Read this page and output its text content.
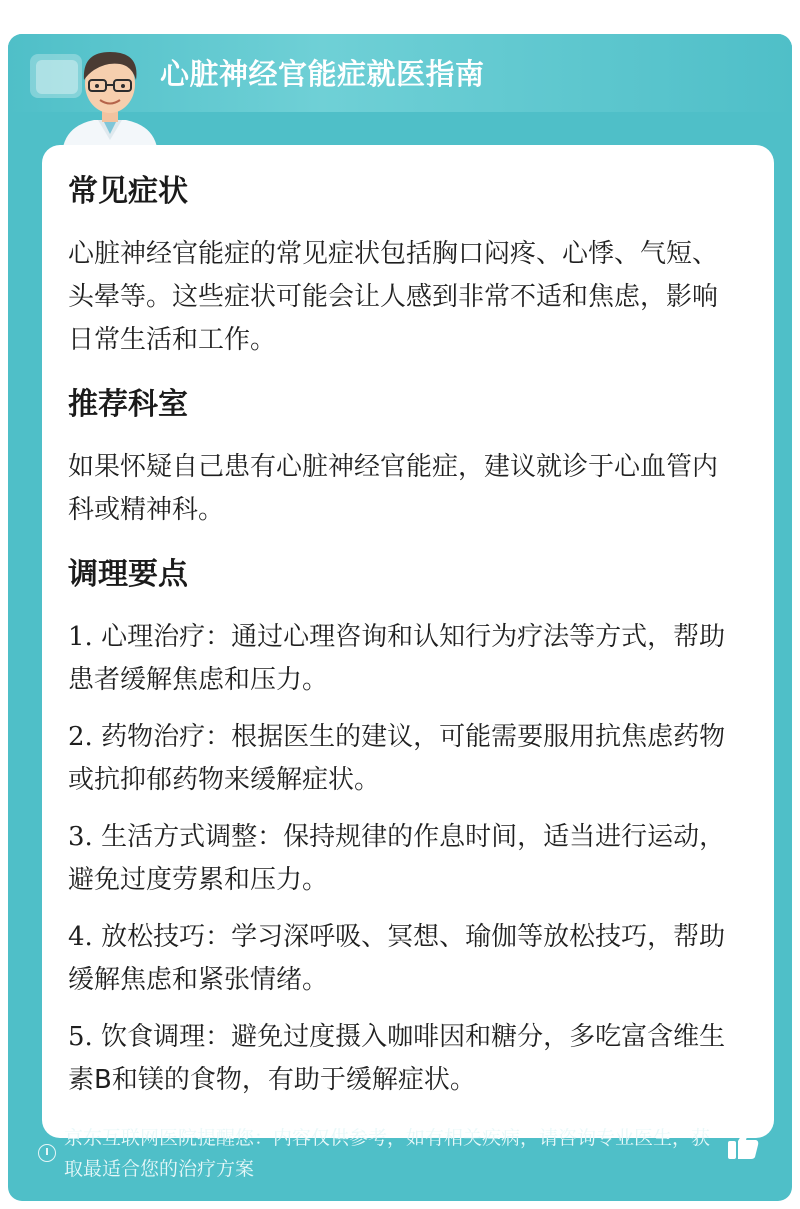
心脏神经官能症就医指南
常见症状
心脏神经官能症的常见症状包括胸口闷疼、心悸、气短、头晕等。这些症状可能会让人感到非常不适和焦虑，影响日常生活和工作。
推荐科室
如果怀疑自己患有心脏神经官能症，建议就诊于心血管内科或精神科。
调理要点
1. 心理治疗：通过心理咨询和认知行为疗法等方式，帮助患者缓解焦虑和压力。
2. 药物治疗：根据医生的建议，可能需要服用抗焦虑药物或抗抑郁药物来缓解症状。
3. 生活方式调整：保持规律的作息时间，适当进行运动，避免过度劳累和压力。
4. 放松技巧：学习深呼吸、冥想、瑜伽等放松技巧，帮助缓解焦虑和紧张情绪。
5. 饮食调理：避免过度摄入咖啡因和糖分，多吃富含维生素B和镁的食物，有助于缓解症状。
京东互联网医院提醒您：内容仅供参考，如有相关疾病，请咨询专业医生，获取最适合您的治疗方案
